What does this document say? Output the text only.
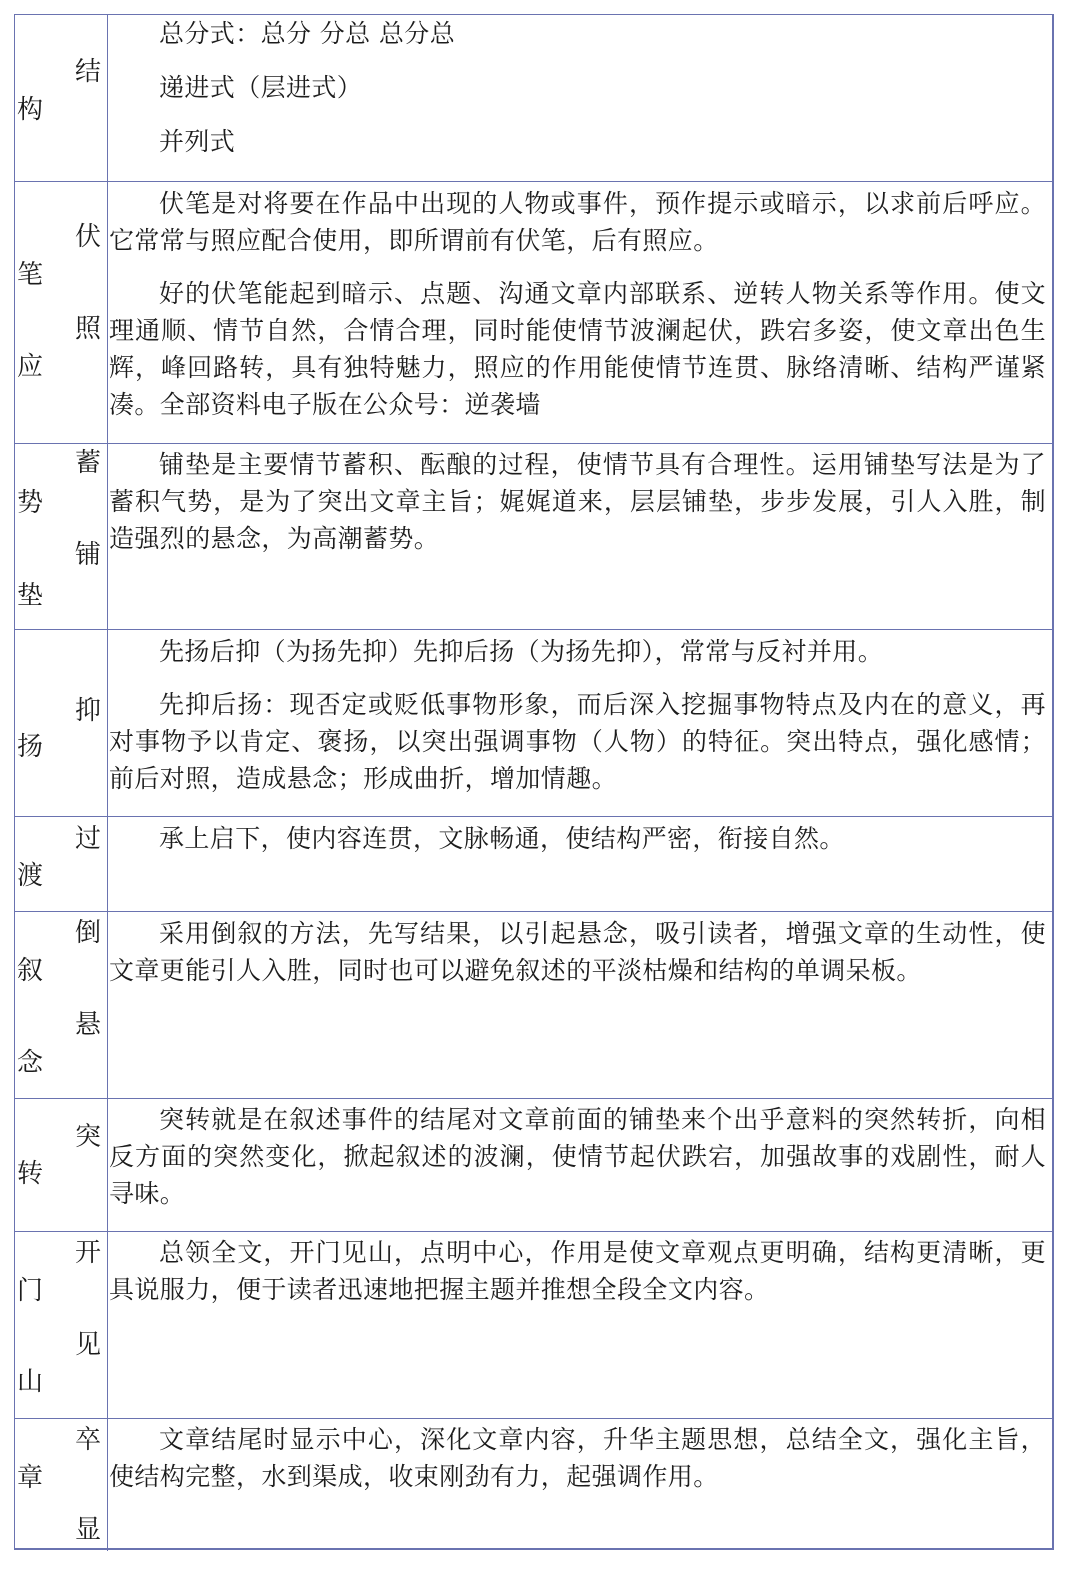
构
结
总分式：总分 分总 总分总
递进式（层进式）
并列式
笔
应
伏
照

伏笔是对将要在作品中出现的人物或事件，预作提示或暗示，以求前后呼应。它常常与照应配合使用，即所谓前有伏笔，后有照应。

好的伏笔能起到暗示、点题、沟通文章内部联系、逆转人物关系等作用。使文理通顺、情节自然，合情合理，同时能使情节波澜起伏，跌宕多姿，使文章出色生辉，峰回路转，具有独特魅力，照应的作用能使情节连贯、脉络清晰、结构严谨紧凑。全部资料电子版在公众号：逆袭墙

势
垫
蓄
铺

铺垫是主要情节蓄积、酝酿的过程，使情节具有合理性。运用铺垫写法是为了蓄积气势，是为了突出文章主旨；娓娓道来，层层铺垫，步步发展，引人入胜，制造强烈的悬念，为高潮蓄势。

扬
抑

先扬后抑（为扬先抑）先抑后扬（为扬先抑），常常与反衬并用。

先抑后扬：现否定或贬低事物形象，而后深入挖掘事物特点及内在的意义，再对事物予以肯定、褒扬，以突出强调事物（人物）的特征。突出特点，强化感情；前后对照，造成悬念；形成曲折，增加情趣。

渡
过	承上启下，使内容连贯，文脉畅通，使结构严密，衔接自然。

叙
念
倒
悬

采用倒叙的方法，先写结果，以引起悬念，吸引读者，增强文章的生动性，使文章更能引人入胜，同时也可以避免叙述的平淡枯燥和结构的单调呆板。

转
突

突转就是在叙述事件的结尾对文章前面的铺垫来个出乎意料的突然转折，向相反方面的突然变化，掀起叙述的波澜，使情节起伏跌宕，加强故事的戏剧性，耐人寻味。

门
山
开
见

总领全文，开门见山，点明中心，作用是使文章观点更明确，结构更清晰，更具说服力，便于读者迅速地把握主题并推想全段全文内容。

章
卒
显

文章结尾时显示中心，深化文章内容，升华主题思想，总结全文，强化主旨，使结构完整，水到渠成，收束刚劲有力，起强调作用。
